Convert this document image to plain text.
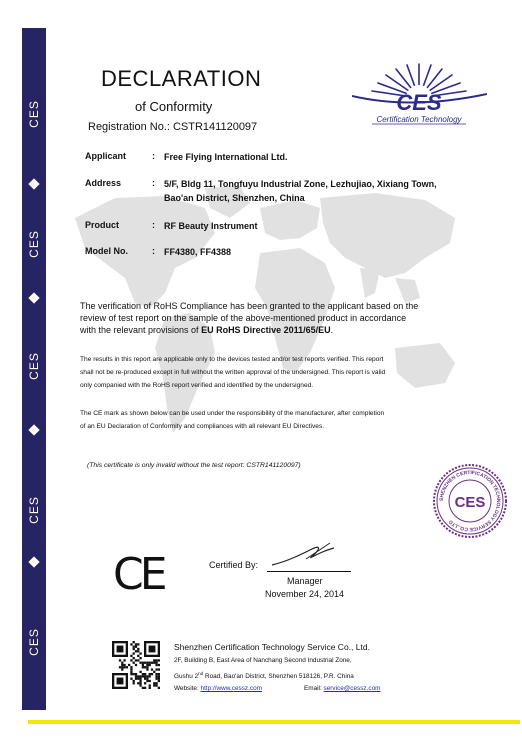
CES
CES
CES
CES
CES
DECLARATION
of Conformity
Registration No.: CSTR141120097
CES
Certification Technology
Applicant	: Free Flying International Ltd.
Address	: 5/F, Bldg 11, Tongfuyu Industrial Zone, Lezhujiao, Xixiang Town,
Bao'an District, Shenzhen, China
Product	: RF Beauty Instrument
Model No.	: FF4380, FF4388
The verification of RoHS Compliance has been granted to the applicant based on the
review of test report on the sample of the above-mentioned product in accordance
with the relevant provisions of EU RoHS Directive 2011/65/EU.
The results in this report are applicable only to the devices tested and/or test reports verified. This report
shall not be re-produced except in full without the written approval of the undersigned. This report is valid
only companied with the RoHS report verified and identified by the undersigned.
The CE mark as shown below can be used under the responsibility of the manufacturer, after completion
of an EU Declaration of Conformity and compliances with all relevant EU Directives.
(This certificate is only invalid without the test report: CSTR141120097)
SHENZHEN CERTIFICATION TECHNOLOGY SERVICE CO.,LTD
CES
CE	Certified By:
Manager
November 24, 2014
Shenzhen Certification Technology Service Co., Ltd.
2F, Building B, East Area of Nanchang Second Industrial Zone,
Gushu 2nd Road, Bao'an District, Shenzhen 518126, P.R. China
Website: http://www.cessz.com	Email: service@cessz.com
